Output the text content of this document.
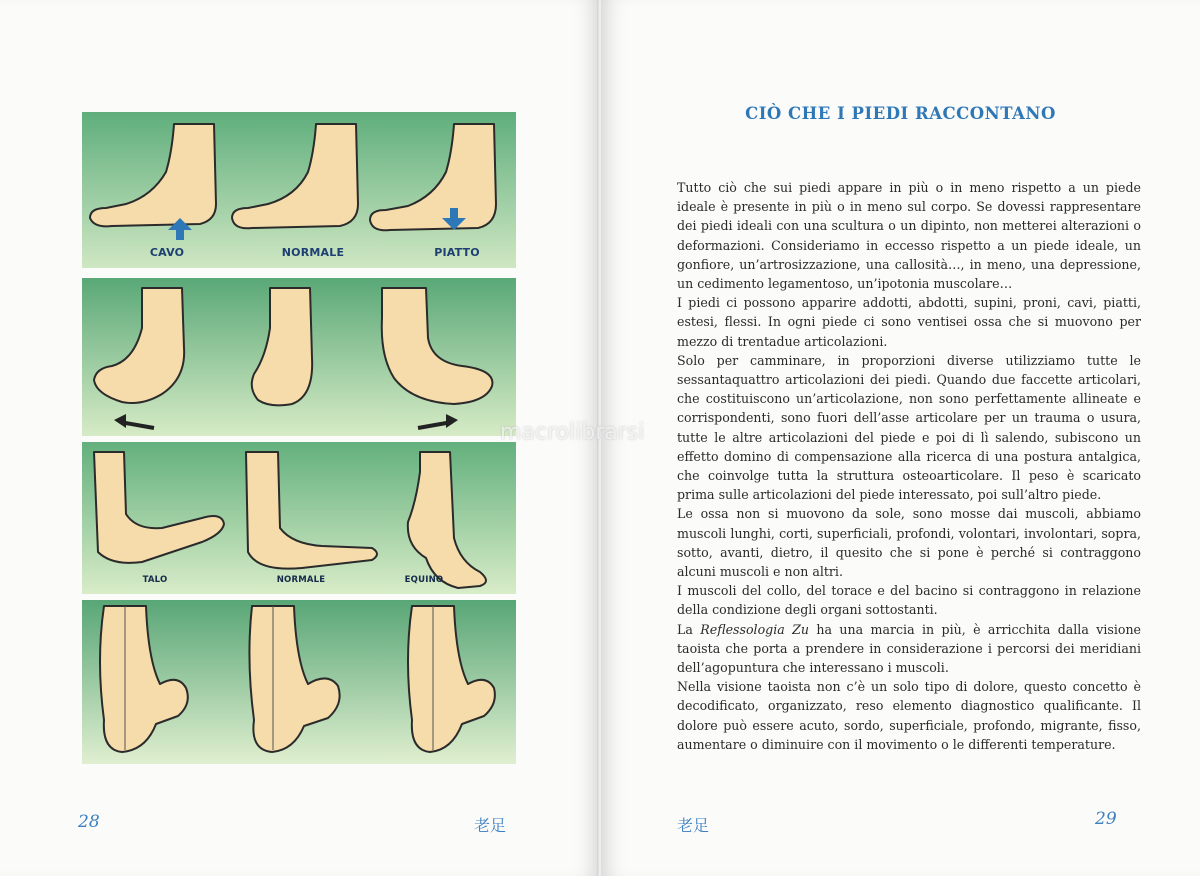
CAVO	NORMALE	PIATTO
TALO	NORMALE	EQUINO
28	老足
CIÒ CHE I PIEDI RACCONTANO

Tutto ciò che sui piedi appare in più o in meno rispetto a un piede ideale è presente in più o in meno sul corpo. Se dovessi rappresentare dei piedi ideali con una scultura o un dipinto, non metterei alterazioni o deformazioni. Consideriamo in eccesso rispetto a un piede ideale, un gonfiore, un’artrosizzazione, una callosità…, in meno, una depressione, un cedimento legamentoso, un’ipotonia muscolare…

I piedi ci possono apparire addotti, abdotti, supini, proni, cavi, piatti, estesi, flessi. In ogni piede ci sono ventisei ossa che si muovono per mezzo di trentadue articolazioni.

Solo per camminare, in proporzioni diverse utilizziamo tutte le sessantaquattro articolazioni dei piedi. Quando due faccette articolari, che costituiscono un’articolazione, non sono perfettamente allineate e corrispondenti, sono fuori dell’asse articolare per un trauma o usura, tutte le altre articolazioni del piede e poi di lì salendo, subiscono un effetto domino di compensazione alla ricerca di una postura antalgica, che coinvolge tutta la struttura osteoarticolare. Il peso è scaricato prima sulle articolazioni del piede interessato, poi sull’altro piede.

Le ossa non si muovono da sole, sono mosse dai muscoli, abbiamo muscoli lunghi, corti, superficiali, profondi, volontari, involontari, sopra, sotto, avanti, dietro, il quesito che si pone è perché si contraggono alcuni muscoli e non altri.

I muscoli del collo, del torace e del bacino si contraggono in relazione della condizione degli organi sottostanti.

La Reflessologia Zu ha una marcia in più, è arricchita dalla visione taoista che porta a prendere in considerazione i percorsi dei meridiani dell’agopuntura che interessano i muscoli.

Nella visione taoista non c’è un solo tipo di dolore, questo concetto è decodificato, organizzato, reso elemento diagnostico qualificante. Il dolore può essere acuto, sordo, superficiale, profondo, migrante, fisso, aumentare o diminuire con il movimento o le differenti temperature.

老足	29
macrolibrarsi
